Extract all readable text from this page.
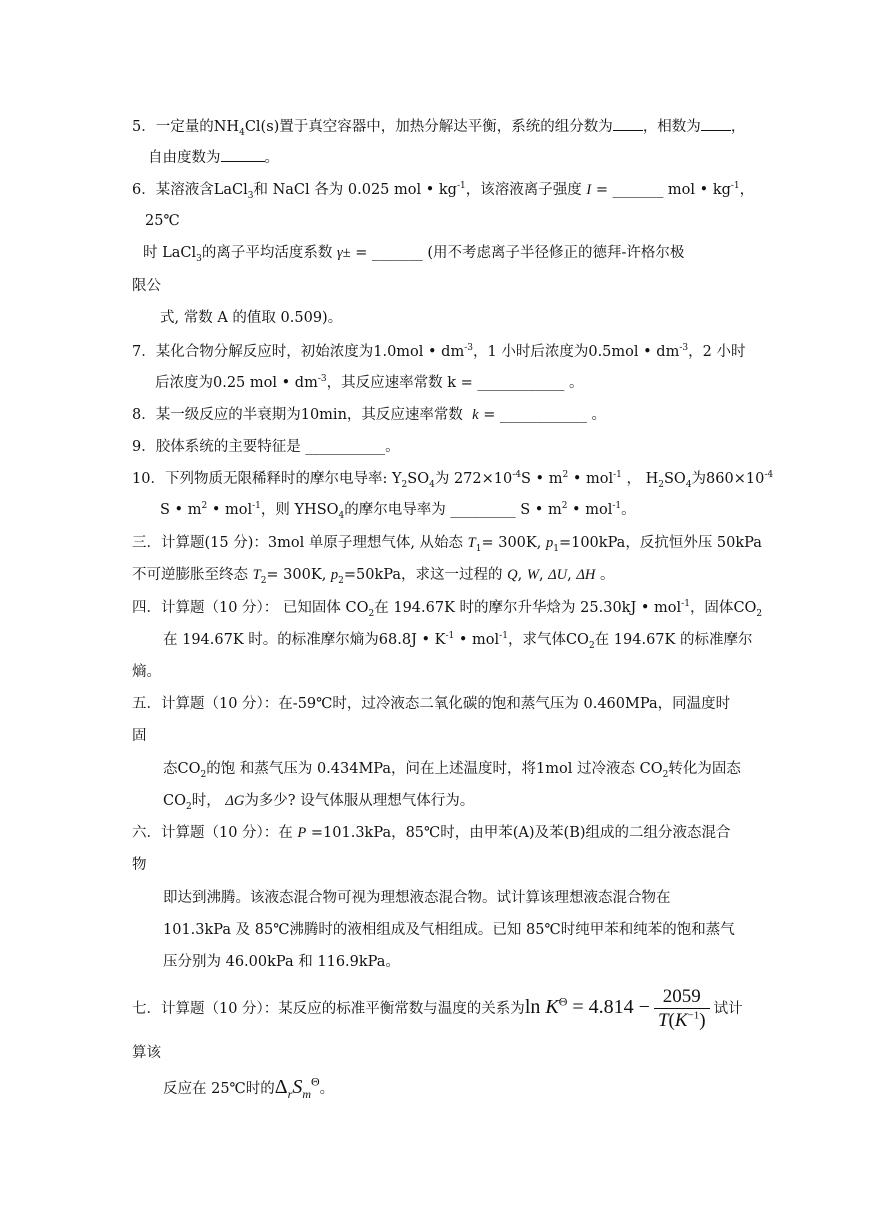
5．一定量的$NH_4Cl(s)$置于真空容器中，加热分解达平衡，系统的组分数为 ，相数为 ，
自由度数为	。
6．某溶液含LaCl$_3$和 NaCl 各为 0.025 mol • $kg^{-1}$，该溶液离子强度 I = _______ mol • $kg^{-1}$，
25℃
时 LaCl$_3$的离子平均活度系数 γ± = _______ (用不考虑离子半径修正的德拜-许格尔极
限公
式, 常数 A 的值取 0.509)。
7．某化合物分解反应时，初始浓度为1.0mol • $dm^{-3}$，1 小时后浓度为0.5mol • $dm^{-3}$，2 小时
后浓度为0.25 mol • $dm^{-3}$，其反应速率常数 k = ____________ 。
8．某一级反应的半衰期为10min，其反应速率常数 k = ____________ 。
9．胶体系统的主要特征是 ___________。
10．下列物质无限稀释时的摩尔电导率: $Y_2SO_4$为 $272\times 10^{-4}S$ • $m^2$ • mol$^{-1}$ ， $H_2SO_4$为$860\times 10^{-4}$
S • $m^2$ • mol$^{-1}$，则 $YHSO_4$的摩尔电导率为 _________ S • $m^2$ • mol$^{-1}$。
三．计算题(15 分)：3mol 单原子理想气体, 从始态 $T_1= 300K$, $p_1=100kPa$，反抗恒外压 50kPa
不可逆膨胀至终态 $T_2= 300K$, $p_2=50kPa$，求这一过程的 Q, W, ΔU, ΔH 。
四．计算题（10 分）： 已知固体 $CO_2$在 194.67K 时的摩尔升华焓为 25.30kJ • mol$^{-1}$，固体$CO_2$
在 194.67K 时。的标准摩尔熵为68.8J • $K^{-1}$ • mol$^{-1}$，求气体$CO_2$在 194.67K 的标准摩尔
熵。
五．计算题（10 分）：在-59℃时，过冷液态二氧化碳的饱和蒸气压为 0.460MPa，同温度时
固
态$CO_2$的饱 和蒸气压为 0.434MPa，问在上述温度时，将1mol 过冷液态 $CO_2$转化为固态
$CO_2$时， ΔG为多少? 设气体服从理想气体行为。
六．计算题（10 分）：在 P =101.3kPa，85℃时，由甲苯(A)及苯(B)组成的二组分液态混合
物
即达到沸腾。该液态混合物可视为理想液态混合物。试计算该理想液态混合物在
101.3kPa 及 85℃沸腾时的液相组成及气相组成。已知 85℃时纯甲苯和纯苯的饱和蒸气
压分别为 46.00kPa 和 116.9kPa。
七．计算题（10 分）：某反应的标准平衡常数与温度的关系为$\ln K^\Theta = 4.814 - \frac{2059}{T(K^{-1})}$ 试计
算该
反应在 25℃时的$\Delta_rS_m^\Theta$。
